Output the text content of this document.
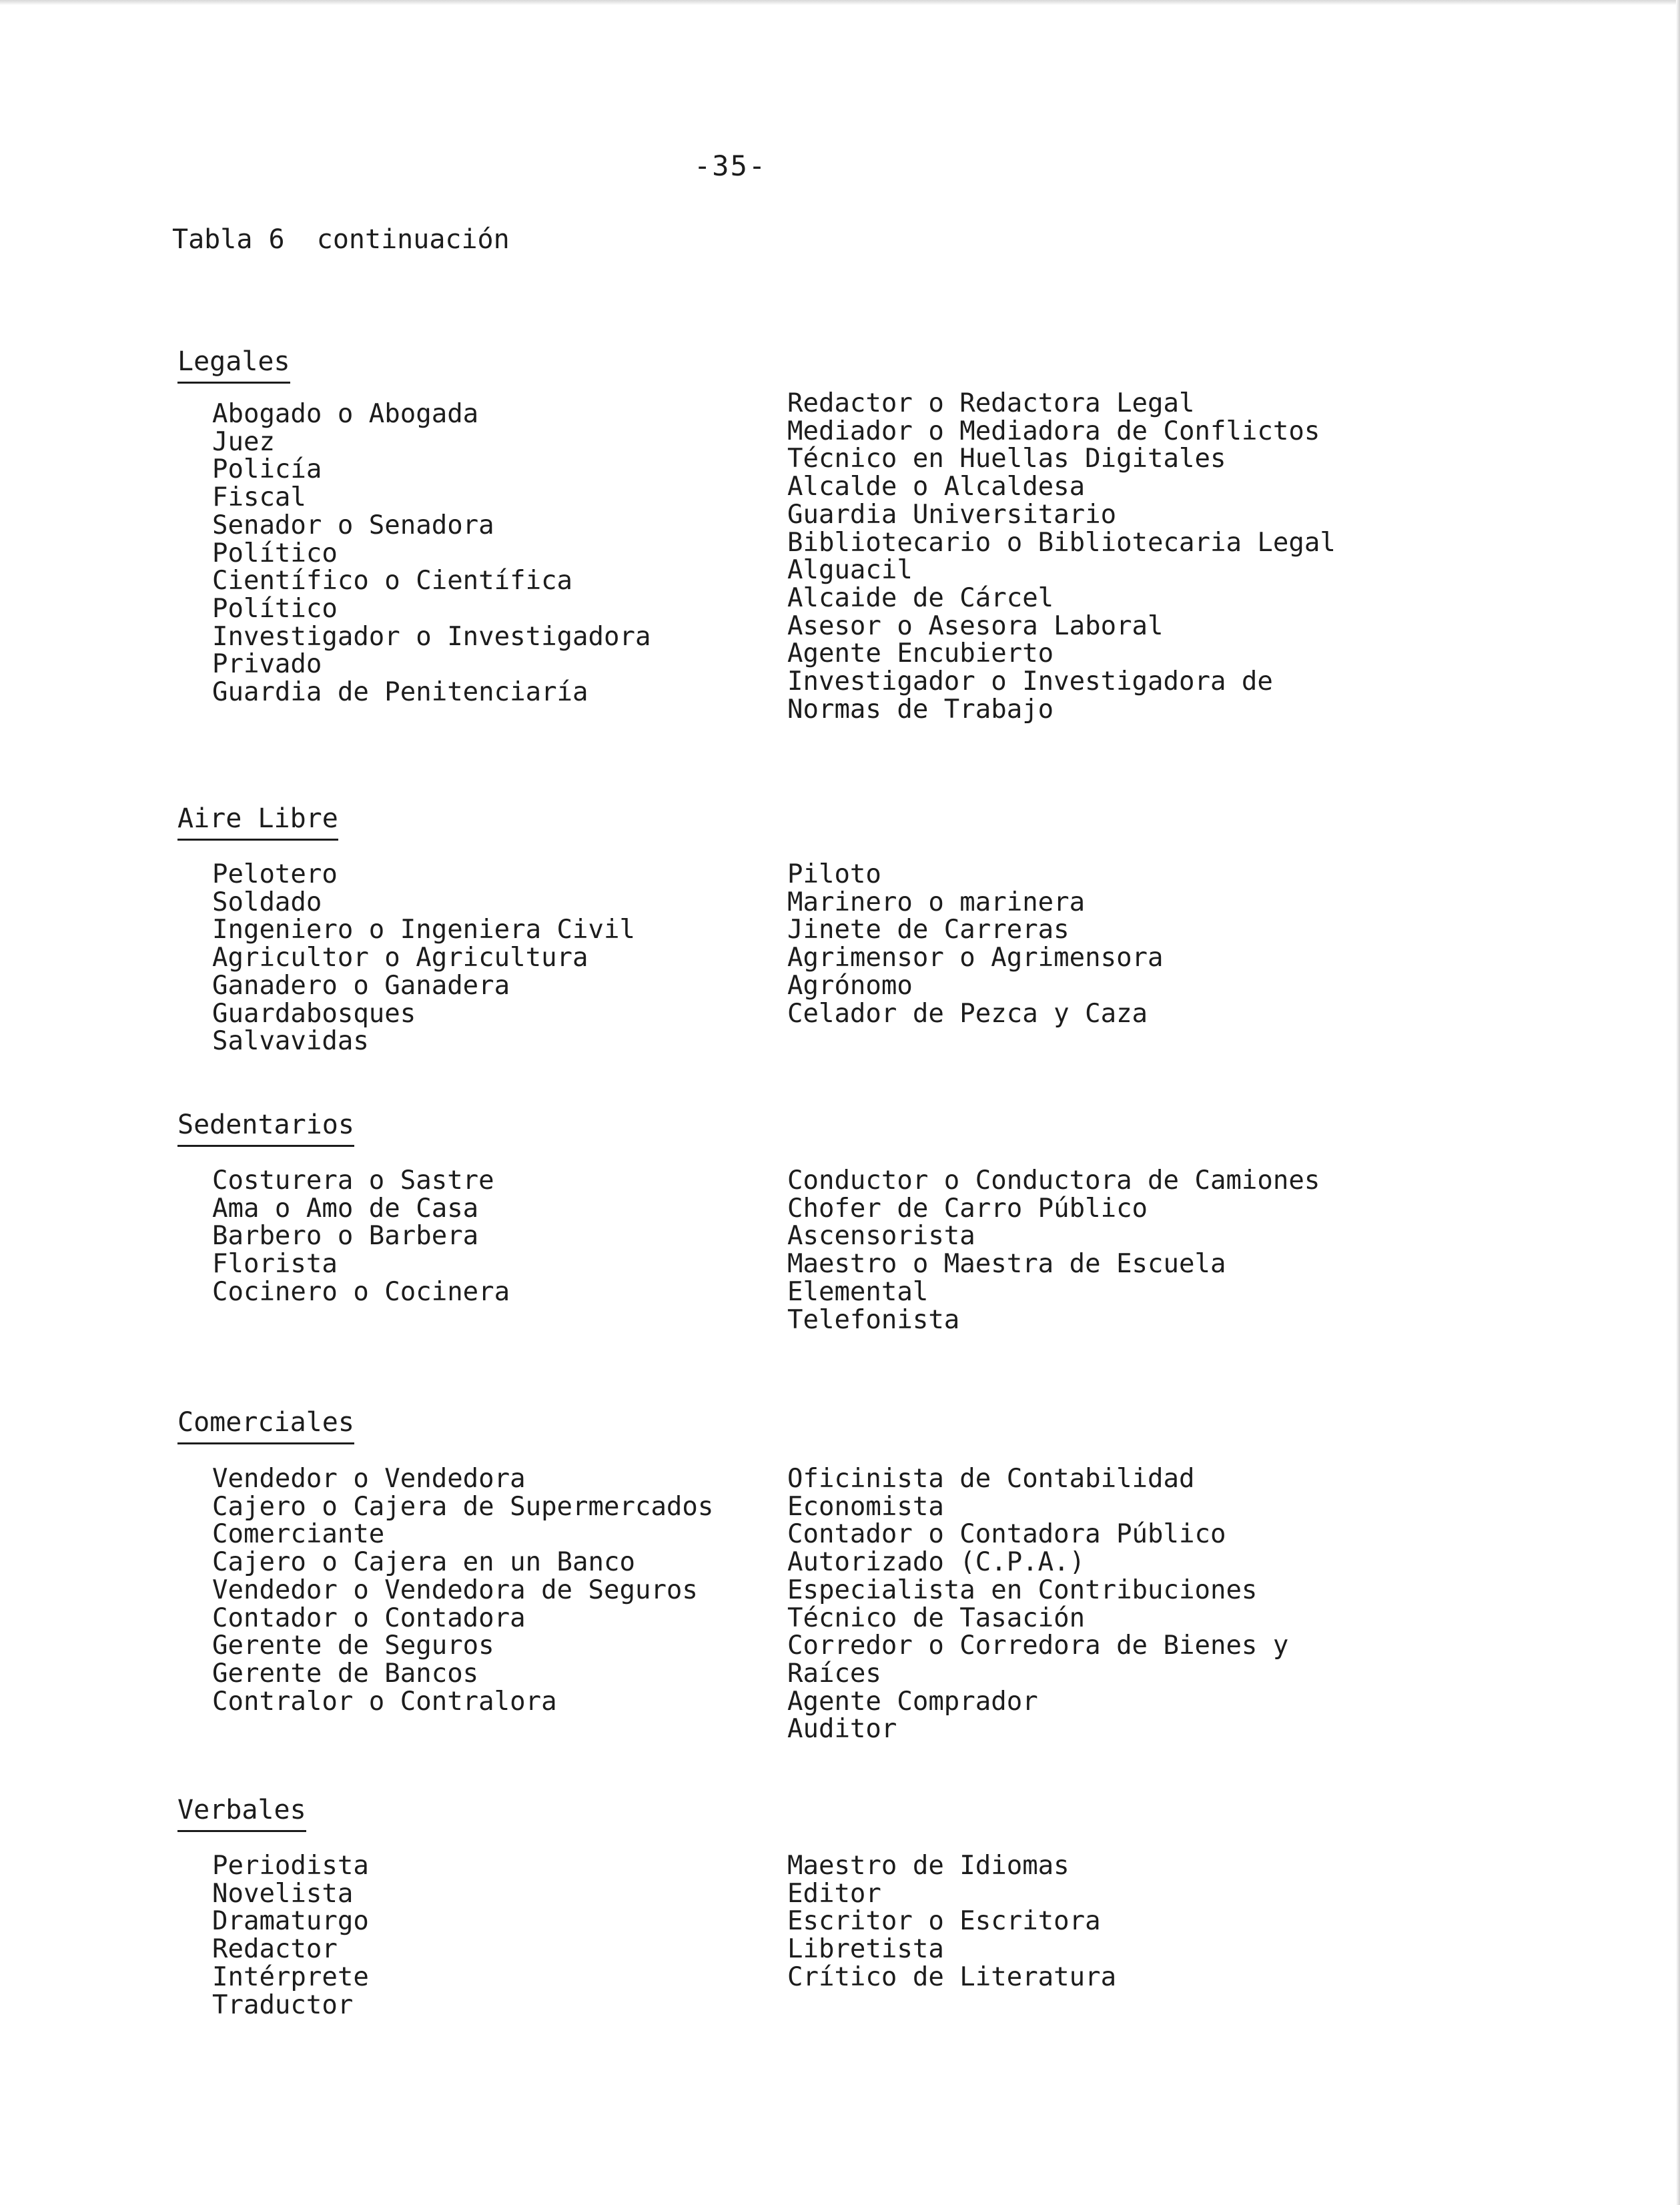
-35-
Tabla 6  continuación
Legales
Abogado o Abogada
Juez
Policía
Fiscal
Senador o Senadora
Político
Científico o Científica
Político
Investigador o Investigadora
Privado
Guardia de Penitenciaría
Redactor o Redactora Legal
Mediador o Mediadora de Conflictos
Técnico en Huellas Digitales
Alcalde o Alcaldesa
Guardia Universitario
Bibliotecario o Bibliotecaria Legal
Alguacil
Alcaide de Cárcel
Asesor o Asesora Laboral
Agente Encubierto
Investigador o Investigadora de
Normas de Trabajo
Aire Libre
Pelotero
Soldado
Ingeniero o Ingeniera Civil
Agricultor o Agricultura
Ganadero o Ganadera
Guardabosques
Salvavidas
Piloto
Marinero o marinera
Jinete de Carreras
Agrimensor o Agrimensora
Agrónomo
Celador de Pezca y Caza
Sedentarios
Costurera o Sastre
Ama o Amo de Casa
Barbero o Barbera
Florista
Cocinero o Cocinera
Conductor o Conductora de Camiones
Chofer de Carro Público
Ascensorista
Maestro o Maestra de Escuela
Elemental
Telefonista
Comerciales
Vendedor o Vendedora
Cajero o Cajera de Supermercados
Comerciante
Cajero o Cajera en un Banco
Vendedor o Vendedora de Seguros
Contador o Contadora
Gerente de Seguros
Gerente de Bancos
Contralor o Contralora
Oficinista de Contabilidad
Economista
Contador o Contadora Público
Autorizado (C.P.A.)
Especialista en Contribuciones
Técnico de Tasación
Corredor o Corredora de Bienes y
Raíces
Agente Comprador
Auditor
Verbales
Periodista
Novelista
Dramaturgo
Redactor
Intérprete
Traductor
Maestro de Idiomas
Editor
Escritor o Escritora
Libretista
Crítico de Literatura
